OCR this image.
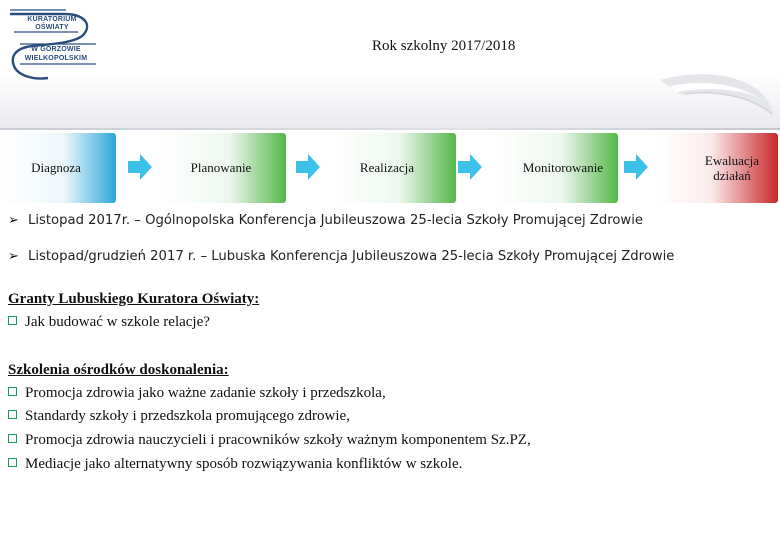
KURATORIUM
OŚWIATY
W GORZOWIE
WIELKOPOLSKIM
Rok szkolny 2017/2018
Diagnoza	Planowanie	Realizacja	Monitorowanie	Ewaluacja
działań
➢ Listopad 2017r. – Ogólnopolska Konferencja Jubileuszowa 25-lecia Szkoły Promującej Zdrowie
➢ Listopad/grudzień 2017 r. – Lubuska Konferencja Jubileuszowa 25-lecia Szkoły Promującej Zdrowie
Granty Lubuskiego Kuratora Oświaty:
Jak budować w szkole relacje?
Szkolenia ośrodków doskonalenia:
Promocja zdrowia jako ważne zadanie szkoły i przedszkola,
Standardy szkoły i przedszkola promującego zdrowie,
Promocja zdrowia nauczycieli i pracowników szkoły ważnym komponentem Sz.PZ,
Mediacje jako alternatywny sposób rozwiązywania konfliktów w szkole.
